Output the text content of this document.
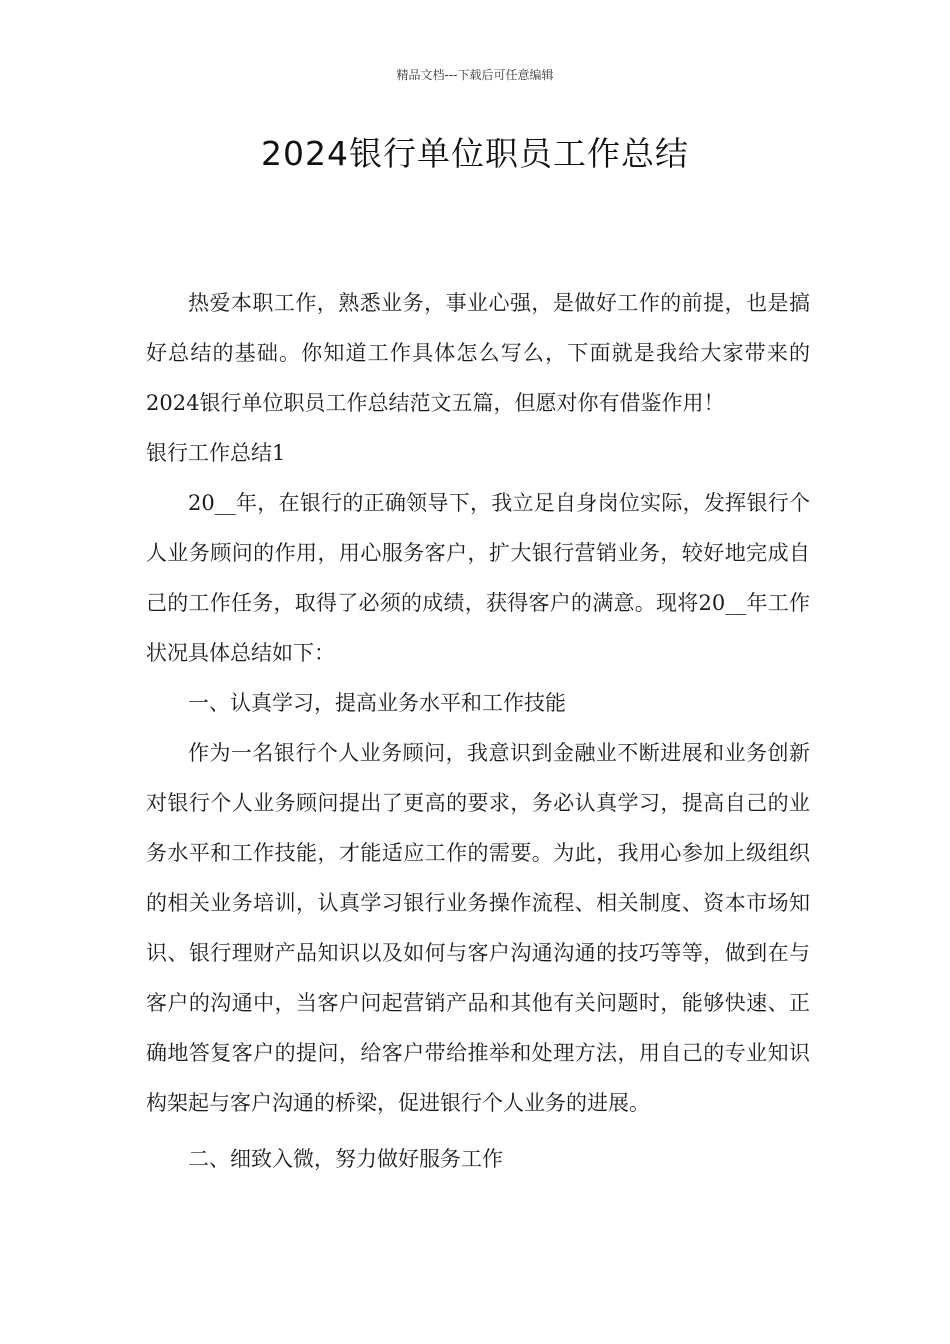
精品文档---下载后可任意编辑
2024银行单位职员工作总结

热爱本职工作，熟悉业务，事业心强，是做好工作的前提，也是搞好总结的基础。你知道工作具体怎么写么，下面就是我给大家带来的2024银行单位职员工作总结范文五篇，但愿对你有借鉴作用！

银行工作总结1

20__年，在银行的正确领导下，我立足自身岗位实际，发挥银行个人业务顾问的作用，用心服务客户，扩大银行营销业务，较好地完成自己的工作任务，取得了必须的成绩，获得客户的满意。现将20__年工作状况具体总结如下：

一、认真学习，提高业务水平和工作技能

作为一名银行个人业务顾问，我意识到金融业不断进展和业务创新对银行个人业务顾问提出了更高的要求，务必认真学习，提高自己的业务水平和工作技能，才能适应工作的需要。为此，我用心参加上级组织的相关业务培训，认真学习银行业务操作流程、相关制度、资本市场知识、银行理财产品知识以及如何与客户沟通沟通的技巧等等，做到在与客户的沟通中，当客户问起营销产品和其他有关问题时，能够快速、正确地答复客户的提问，给客户带给推举和处理方法，用自己的专业知识构架起与客户沟通的桥梁，促进银行个人业务的进展。

二、细致入微，努力做好服务工作
